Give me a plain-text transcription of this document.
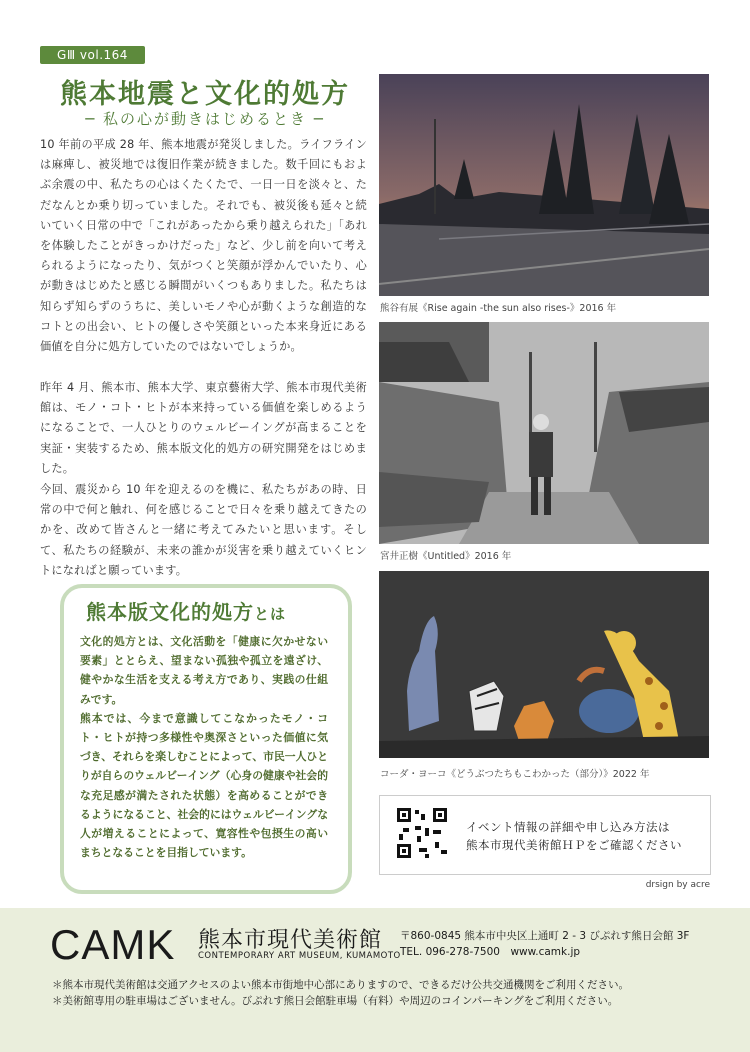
GⅢ vol.164
熊本地震と文化的処方
─ 私の心が動きはじめるとき ─
10 年前の平成 28 年、熊本地震が発災しました。ライフラインは麻痺し、被災地では復旧作業が続きました。数千回にもおよぶ余震の中、私たちの心はくたくたで、一日一日を淡々と、ただなんとか乗り切っていました。それでも、被災後も延々と続いていく日常の中で「これがあったから乗り越えられた」「あれを体験したことがきっかけだった」など、少し前を向いて考えられるようになったり、気がつくと笑顔が浮かんでいたり、心が動きはじめたと感じる瞬間がいくつもありました。私たちは知らず知らずのうちに、美しいモノや心が動くような創造的なコトとの出会い、ヒトの優しさや笑顔といった本来身近にある価値を自分に処方していたのではないでしょうか。
昨年 4 月、熊本市、熊本大学、東京藝術大学、熊本市現代美術館は、モノ・コト・ヒトが本来持っている価値を楽しめるようになることで、一人ひとりのウェルビーイングが高まることを実証・実装するため、熊本版文化的処方の研究開発をはじめました。
今回、震災から 10 年を迎えるのを機に、私たちがあの時、日常の中で何と触れ、何を感じることで日々を乗り越えてきたのかを、改めて皆さんと一緒に考えてみたいと思います。そして、私たちの経験が、未来の誰かが災害を乗り越えていくヒントになればと願っています。
熊本版文化的処方とは
文化的処方とは、文化活動を「健康に欠かせない要素」ととらえ、望まない孤独や孤立を遠ざけ、健やかな生活を支える考え方であり、実践の仕組みです。
熊本では、今まで意識してこなかったモノ・コト・ヒトが持つ多様性や奥深さといった価値に気づき、それらを楽しむことによって、市民一人ひとりが自らのウェルビーイング（心身の健康や社会的な充足感が満たされた状態）を高めることができるようになること、社会的にはウェルビーイングな人が増えることによって、寛容性や包摂生の高いまちとなることを目指しています。
熊谷有展《Rise again -the sun also rises-》2016 年
宮井正樹《Untitled》2016 年
コーダ・ヨーコ《どうぶつたちもこわかった（部分）》2022 年
イベント情報の詳細や申し込み方法は
熊本市現代美術館ＨＰをご確認ください
drsign by acre
CAMK 熊本市現代美術館
CONTEMPORARY ART MUSEUM, KUMAMOTO
〒860-0845 熊本市中央区上通町 2 - 3 びぷれす熊日会館 3F
TEL. 096-278-7500　www.camk.jp
＊熊本市現代美術館は交通アクセスのよい熊本市街地中心部にありますので、できるだけ公共交通機関をご利用ください。
＊美術館専用の駐車場はございません。びぷれす熊日会館駐車場（有料）や周辺のコインパーキングをご利用ください。
